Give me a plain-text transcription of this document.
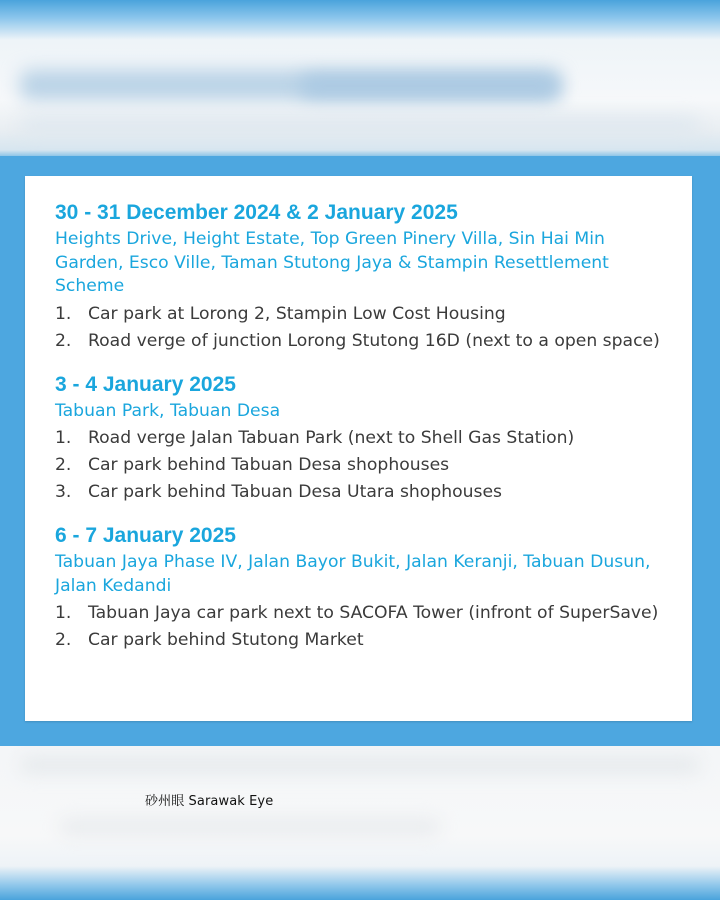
30 - 31 December 2024 & 2 January 2025
Heights Drive, Height Estate, Top Green Pinery Villa, Sin Hai Min Garden, Esco Ville, Taman Stutong Jaya & Stampin Resettlement Scheme
1. Car park at Lorong 2, Stampin Low Cost Housing
2. Road verge of junction Lorong Stutong 16D (next to a open space)
3 - 4 January 2025
Tabuan Park, Tabuan Desa
1. Road verge Jalan Tabuan Park (next to Shell Gas Station)
2. Car park behind Tabuan Desa shophouses
3. Car park behind Tabuan Desa Utara shophouses
6 - 7 January 2025
Tabuan Jaya Phase IV, Jalan Bayor Bukit, Jalan Keranji, Tabuan Dusun, Jalan Kedandi
1. Tabuan Jaya car park next to SACOFA Tower (infront of SuperSave)
2. Car park behind Stutong Market
砂州眼 Sarawak Eye
